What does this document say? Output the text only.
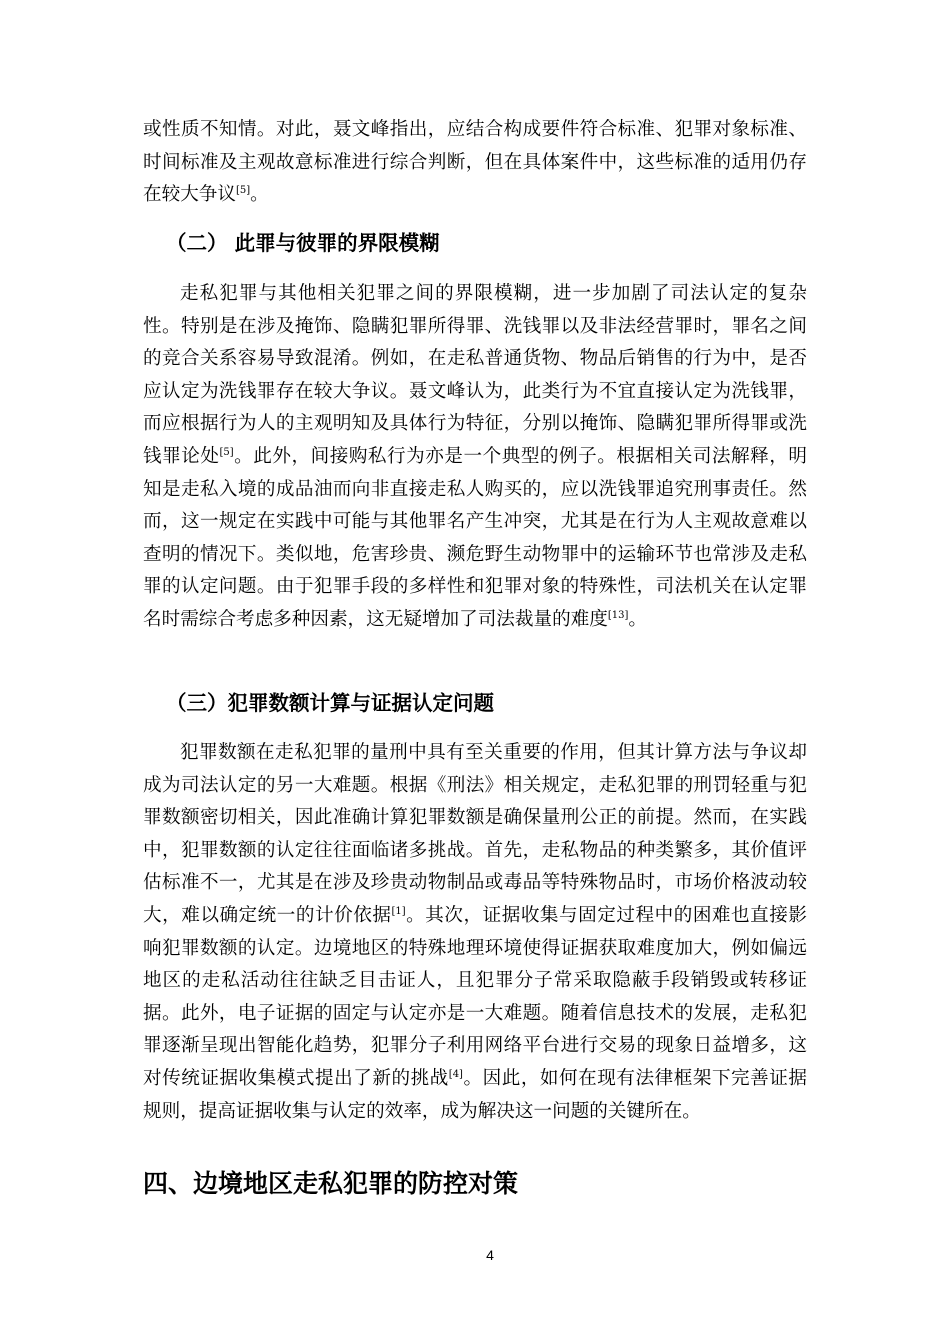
或性质不知情。对此，聂文峰指出，应结合构成要件符合标准、犯罪对象标准、时间标准及主观故意标准进行综合判断，但在具体案件中，这些标准的适用仍存在较大争议[5]。

（二） 此罪与彼罪的界限模糊

走私犯罪与其他相关犯罪之间的界限模糊，进一步加剧了司法认定的复杂性。特别是在涉及掩饰、隐瞒犯罪所得罪、洗钱罪以及非法经营罪时，罪名之间的竞合关系容易导致混淆。例如，在走私普通货物、物品后销售的行为中，是否应认定为洗钱罪存在较大争议。聂文峰认为，此类行为不宜直接认定为洗钱罪，而应根据行为人的主观明知及具体行为特征，分别以掩饰、隐瞒犯罪所得罪或洗钱罪论处[5]。此外，间接购私行为亦是一个典型的例子。根据相关司法解释，明知是走私入境的成品油而向非直接走私人购买的，应以洗钱罪追究刑事责任。然而，这一规定在实践中可能与其他罪名产生冲突，尤其是在行为人主观故意难以查明的情况下。类似地，危害珍贵、濒危野生动物罪中的运输环节也常涉及走私罪的认定问题。由于犯罪手段的多样性和犯罪对象的特殊性，司法机关在认定罪名时需综合考虑多种因素，这无疑增加了司法裁量的难度[13]。

（三）犯罪数额计算与证据认定问题

犯罪数额在走私犯罪的量刑中具有至关重要的作用，但其计算方法与争议却成为司法认定的另一大难题。根据《刑法》相关规定，走私犯罪的刑罚轻重与犯罪数额密切相关，因此准确计算犯罪数额是确保量刑公正的前提。然而，在实践中，犯罪数额的认定往往面临诸多挑战。首先，走私物品的种类繁多，其价值评估标准不一，尤其是在涉及珍贵动物制品或毒品等特殊物品时，市场价格波动较大，难以确定统一的计价依据[1]。其次，证据收集与固定过程中的困难也直接影响犯罪数额的认定。边境地区的特殊地理环境使得证据获取难度加大，例如偏远地区的走私活动往往缺乏目击证人，且犯罪分子常采取隐蔽手段销毁或转移证据。此外，电子证据的固定与认定亦是一大难题。随着信息技术的发展，走私犯罪逐渐呈现出智能化趋势，犯罪分子利用网络平台进行交易的现象日益增多，这对传统证据收集模式提出了新的挑战[4]。因此，如何在现有法律框架下完善证据规则，提高证据收集与认定的效率，成为解决这一问题的关键所在。

四、边境地区走私犯罪的防控对策
4
